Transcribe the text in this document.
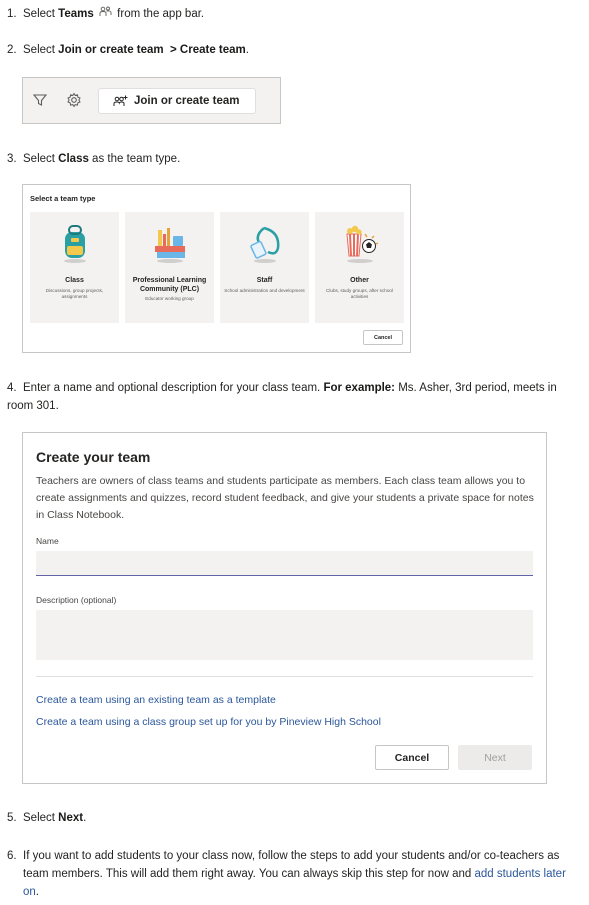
1. Select Teams  from the app bar.
2. Select Join or create team  > Create team.
Join or create team
3. Select Class as the team type.
Select a team type
Class
Discussions, group projects, assignments
Professional Learning Community (PLC)
Educator working group
Staff
School administration and development
Other
Clubs, study groups, after school activities
Cancel
4. Enter a name and optional description for your class team. For example: Ms. Asher, 3rd period, meets in room 301.
Create your team
Teachers are owners of class teams and students participate as members. Each class team allows you to create assignments and quizzes, record student feedback, and give your students a private space for notes in Class Notebook.
Name
Description (optional)
Create a team using an existing team as a template
Create a team using a class group set up for you by Pineview High School
Cancel	Next
5. Select Next.
6. If you want to add students to your class now, follow the steps to add your students and/or co-teachers as team members. This will add them right away. You can always skip this step for now and add students later on.
